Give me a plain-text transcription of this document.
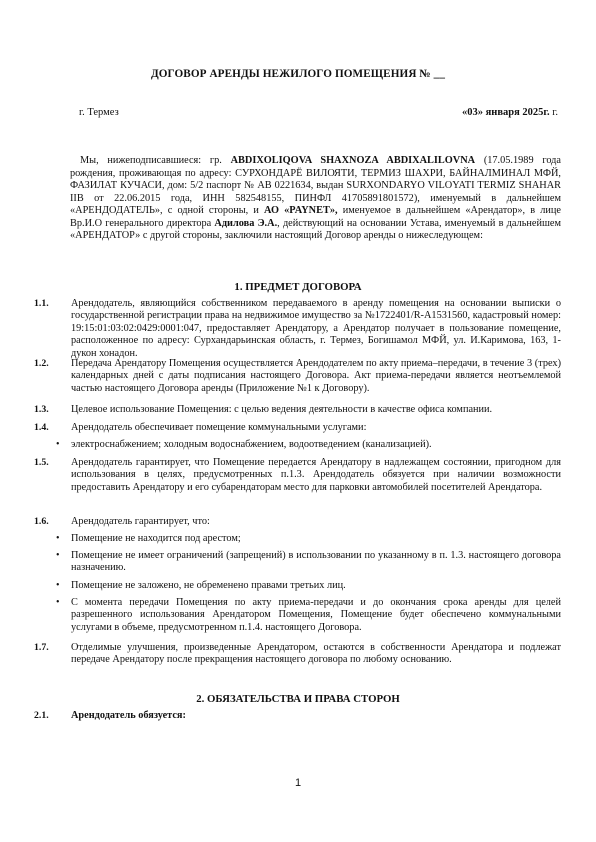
ДОГОВОР АРЕНДЫ НЕЖИЛОГО ПОМЕЩЕНИЯ № __
г. Термез	«03» января 2025г. г.
Мы, нижеподписавшиеся: гр. ABDIXOLIQOVA SHAXNOZA ABDIXALILOVNA (17.05.1989 года рождения, проживающая по адресу: СУРХОНДАРЁ ВИЛОЯТИ, ТЕРМИЗ ШАХРИ, БАЙНАЛМИНАЛ МФЙ, ФАЗИЛАТ КУЧАСИ, дом: 5/2 паспорт № AB 0221634, выдан SURXONDARYO VILOYATI TERMIZ SHAHAR IIB от 22.06.2015 года, ИНН 582548155, ПИНФЛ 41705891801572), именуемый в дальнейшем «АРЕНДОДАТЕЛЬ», с одной стороны, и АО «PAYNET», именуемое в дальнейшем «Арендатор», в лице Вр.И.О генерального директора Адилова Э.А., действующий на основании Устава, именуемый в дальнейшем «АРЕНДАТОР» с другой стороны, заключили настоящий Договор аренды о нижеследующем:
1. ПРЕДМЕТ ДОГОВОРА
1.1.	Арендодатель, являющийся собственником передаваемого в аренду помещения на основании выписки о государственной регистрации права на недвижимое имущество за №1722401/R-A1531560, кадастровый номер: 19:15:01:03:02:0429:0001:047, предоставляет Арендатору, а Арендатор получает в пользование помещение, расположенное по адресу: Сурхандарьинская область, г. Термез, Богишамол МФЙ, ул. И.Каримова, 163, 1-дукон хонадон.
1.2.	Передача Арендатору Помещения осуществляется Арендодателем по акту приема–передачи, в течение 3 (трех) календарных дней с даты подписания настоящего Договора. Акт приема-передачи является неотъемлемой частью настоящего Договора аренды (Приложение №1 к Договору).
1.3.	Целевое использование Помещения: с целью ведения деятельности в качестве офиса компании.
1.4.	Арендодатель обеспечивает помещение коммунальными услугами:
• электроснабжением; холодным водоснабжением, водоотведением (канализацией).
1.5.	Арендодатель гарантирует, что Помещение передается Арендатору в надлежащем состоянии, пригодном для использования в целях, предусмотренных п.1.3. Арендодатель обязуется при наличии возможности предоставить Арендатору и его субарендаторам место для парковки автомобилей посетителей Арендатора.
1.6.	Арендодатель гарантирует, что:
• Помещение не находится под арестом;
• Помещение не имеет ограничений (запрещений) в использовании по указанному в п. 1.3. настоящего договора назначению.
• Помещение не заложено, не обременено правами третьих лиц.
• С момента передачи Помещения по акту приема-передачи и до окончания срока аренды для целей разрешенного использования Арендатором Помещения, Помещение будет обеспечено коммунальными услугами в объеме, предусмотренном п.1.4. настоящего Договора.
1.7.	Отделимые улучшения, произведенные Арендатором, остаются в собственности Арендатора и подлежат передаче Арендатору после прекращения настоящего договора по любому основанию.
2. ОБЯЗАТЕЛЬСТВА И ПРАВА СТОРОН
2.1.	Арендодатель обязуется:
1
